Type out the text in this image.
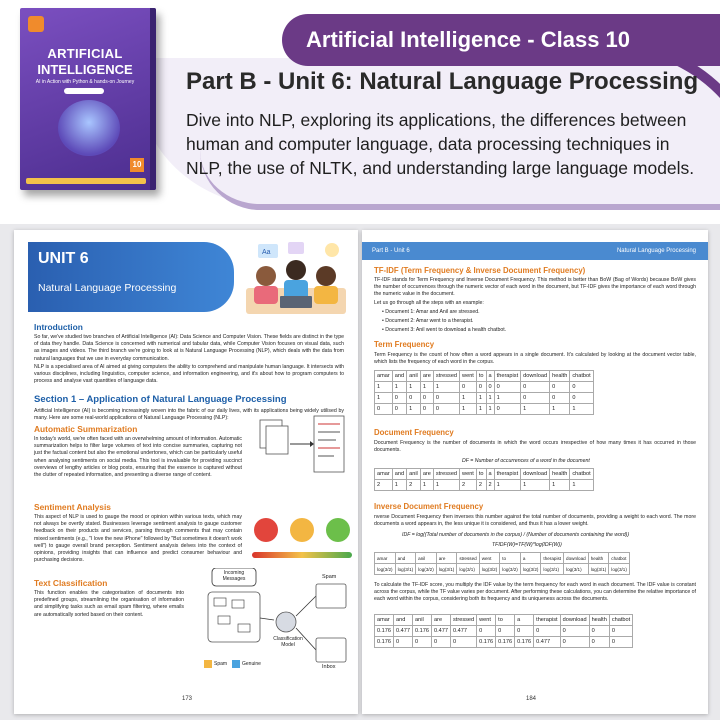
ARTIFICIAL
INTELLIGENCE
AI in Action with Python & hands-on Journey
10
Artificial Intelligence - Class 10
Part B - Unit 6: Natural Language Processing
Dive into NLP, exploring its applications, the differences between human and computer language, data processing techniques in NLP, the use of NLTK, and understanding large language models.
UNIT 6
Natural Language Processing
Aa
Introduction
So far, we've studied two branches of Artificial Intelligence (AI): Data Science and Computer Vision. These fields are distinct in the type of data they handle. Data Science is concerned with numerical and tabular data, while Computer Vision focuses on visual data, such as images and videos. The third branch we're going to look at is Natural Language Processing (NLP), which deals with the data from natural languages that we use in everyday communication.
NLP is a specialised area of AI aimed at giving computers the ability to comprehend and manipulate human language. It intersects with various disciplines, including linguistics, computer science, and information engineering, and it's about how to program computers to process and analyse vast quantities of language data.
Section 1 – Application of Natural Language Processing
Artificial Intelligence (AI) is becoming increasingly woven into the fabric of our daily lives, with its applications being widely utilised by many. Here are some real-world applications of Natural Language Processing (NLP):
Automatic Summarization
In today's world, we're often faced with an overwhelming amount of information. Automatic summarization helps to filter large volumes of text into concise summaries, capturing not just the factual content but also the emotional undertones, which can be particularly useful when analysing sentiments on social media. This tool is invaluable for providing succinct overviews of lengthy articles or blog posts, ensuring that the essence is captured without the clutter of repeated information, and presenting a diverse range of content.
Sentiment Analysis
This aspect of NLP is used to gauge the mood or opinion within various texts, which may not always be overtly stated. Businesses leverage sentiment analysis to gauge customer feedback on their products and services, parsing through comments that may contain mixed sentiments (e.g., "I love the new iPhone" followed by "But sometimes it doesn't work well") to gauge overall brand perception. Sentiment analysis delves into the context of opinions, providing insights that can influence and predict consumer behaviour and purchasing decisions.
Text Classification
This function enables the categorisation of documents into predefined groups, streamlining the organisation of information and simplifying tasks such as email spam filtering, where emails are automatically sorted based on their content.
Incoming Messages
Classification Model
Spam
Inbox
Spam	Genuine
173
Part B - Unit 6	Natural Language Processing
TF-IDF (Term Frequency & Inverse Document Frequency)
TF-IDF stands for Term Frequency and Inverse Document Frequency. This method is better than BoW (Bag of Words) because BoW gives the number of occurrences through the numeric vector of each word in the document, but TF-IDF gives the importance of each word through the numeric value in the document.
Let us go through all the steps with an example:
• Document 1: Amar and Anil are stressed.
• Document 2: Amar went to a therapist.
• Document 3: Anil went to download a health chatbot.
Term Frequency
Term Frequency is the count of how often a word appears in a single document. It's calculated by looking at the document vector table, which lists the frequency of each word in the corpus.
amar	and	anil	are	stressed	went	to	a	therapist	download	health	chatbot
1	1	1	1	1	0	0	0	0	0	0	0
1	0	0	0	0	1	1	1	1	0	0	0
0	0	1	0	0	1	1	1	0	1	1	1
Document Frequency
Document Frequency is the number of documents in which the word occurs irrespective of how many times it has occurred in those documents.
DF = Number of occurrences of a word in the document
amar	and	anil	are	stressed	went	to	a	therapist	download	health	chatbot
2	1	2	1	1	2	2	2	1	1	1	1
Inverse Document Frequency
nverse Document Frequency then inverses this number against the total number of documents, providing a weight to each word. The more documents a word appears in, the less unique it is considered, and thus it has a lower weight.
IDF = log((Total number of documents in the corpus) / (Number of documents containing the word))
TFIDF(W)=TF(W)*log(IDF(W))
amar	and	anil	are	stressed	went	to	a	therapist	download	health	chatbot
log(3/2)	log(3/1)	log(3/2)	log(3/1)	log(3/1)	log(3/2)	log(3/2)	log(3/2)	log(3/1)	log(3/1)	log(3/1)	log(3/1)
To calculate the TF-IDF score, you multiply the IDF value by the term frequency for each word in each document. The IDF value is constant across the corpus, while the TF value varies per document. After performing these calculations, you can determine the relative importance of each word within the corpus, considering both its frequency and its uniqueness across the documents.
amar	and	anil	are	stressed	went	to	a	therapist	download	health	chatbot
0.176	0.477	0.176	0.477	0.477	0	0	0	0	0	0	0
0.176	0	0	0	0	0.176	0.176	0.176	0.477	0	0	0
184
